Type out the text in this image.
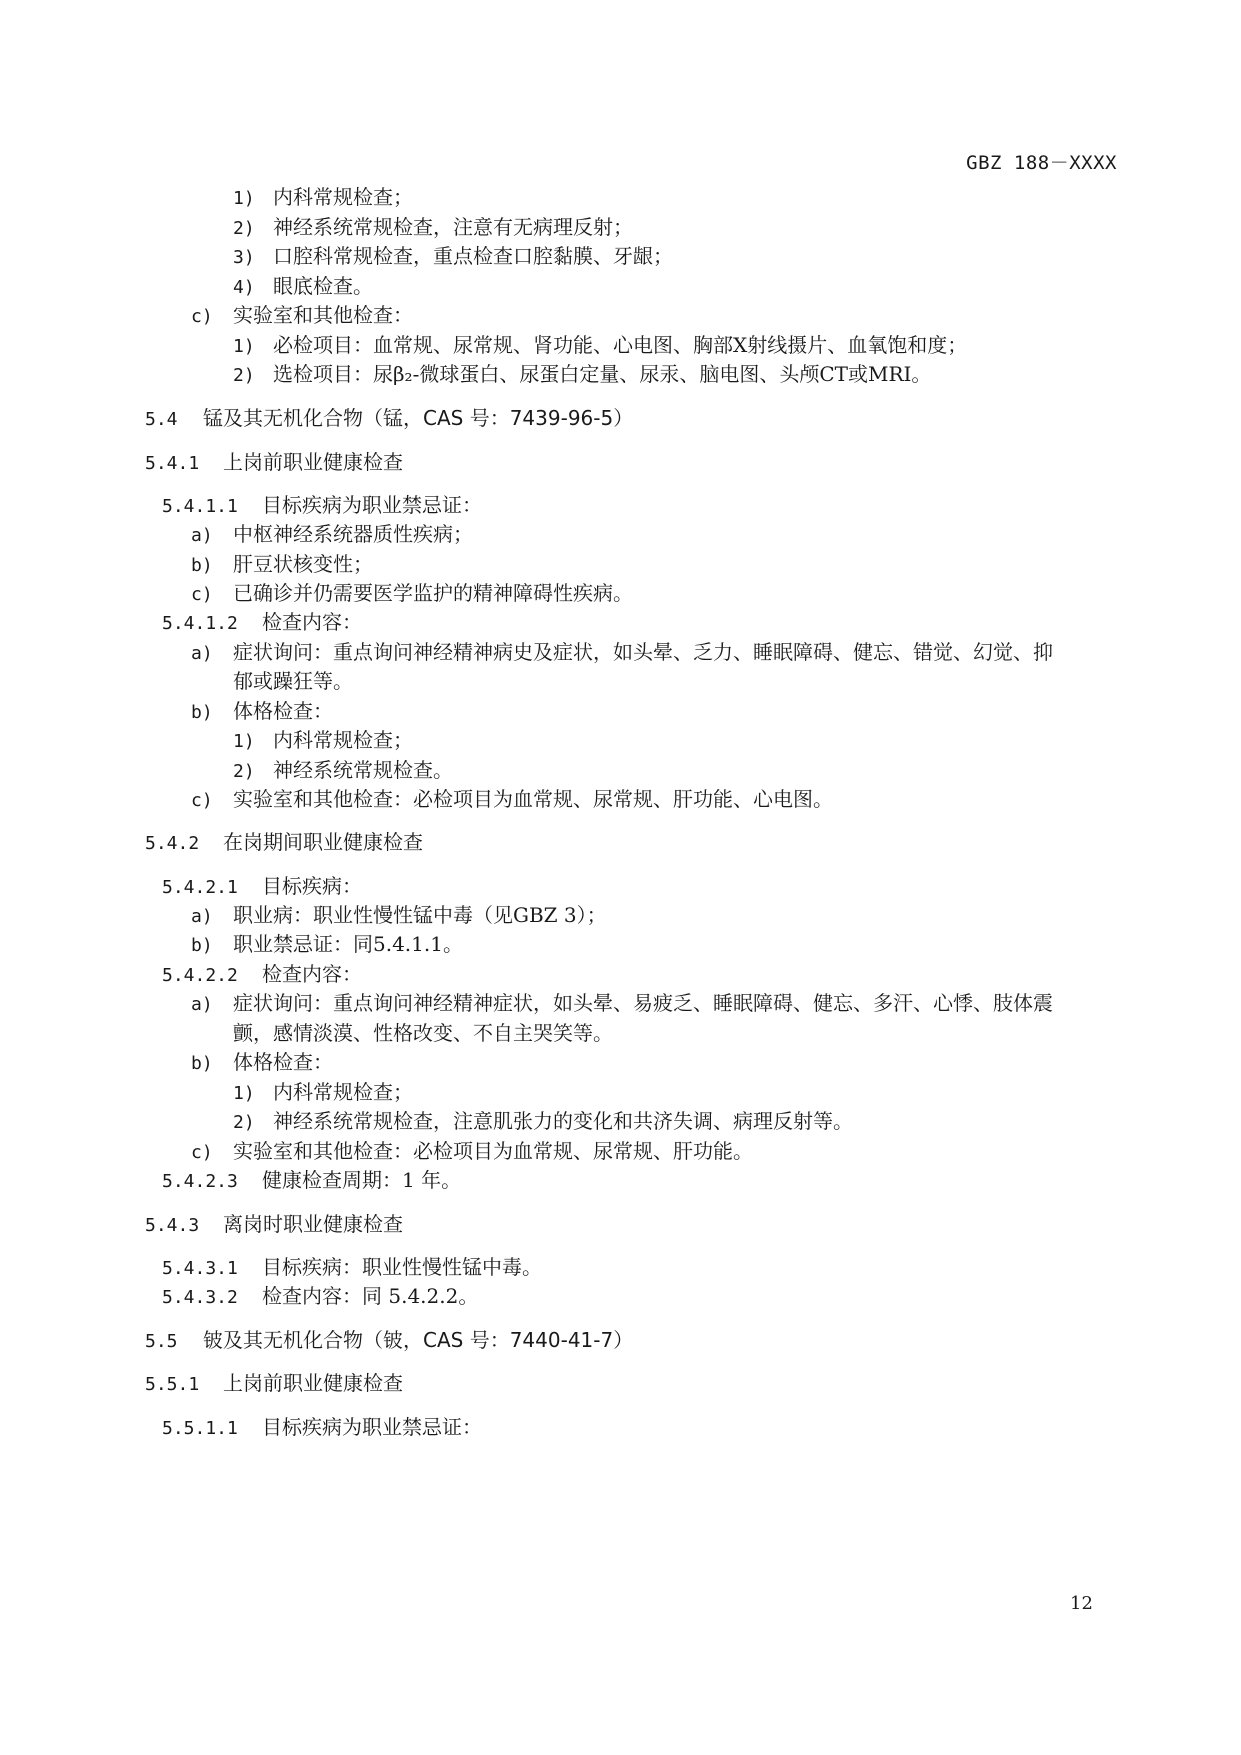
GBZ 188－XXXX
1) 内科常规检查；
2) 神经系统常规检查，注意有无病理反射；
3) 口腔科常规检查，重点检查口腔黏膜、牙龈；
4) 眼底检查。
c) 实验室和其他检查：
1) 必检项目：血常规、尿常规、肾功能、心电图、胸部X射线摄片、血氧饱和度；
2) 选检项目：尿β₂-微球蛋白、尿蛋白定量、尿汞、脑电图、头颅CT或MRI。
5.4 锰及其无机化合物（锰，CAS 号：7439-96-5）
5.4.1 上岗前职业健康检查
5.4.1.1 目标疾病为职业禁忌证：
a) 中枢神经系统器质性疾病；
b) 肝豆状核变性；
c) 已确诊并仍需要医学监护的精神障碍性疾病。
5.4.1.2 检查内容：
a) 症状询问：重点询问神经精神病史及症状，如头晕、乏力、睡眠障碍、健忘、错觉、幻觉、抑
郁或躁狂等。
b) 体格检查：
1) 内科常规检查；
2) 神经系统常规检查。
c) 实验室和其他检查：必检项目为血常规、尿常规、肝功能、心电图。
5.4.2 在岗期间职业健康检查
5.4.2.1 目标疾病：
a) 职业病：职业性慢性锰中毒（见GBZ 3）；
b) 职业禁忌证：同5.4.1.1。
5.4.2.2 检查内容：
a) 症状询问：重点询问神经精神症状，如头晕、易疲乏、睡眠障碍、健忘、多汗、心悸、肢体震
颤，感情淡漠、性格改变、不自主哭笑等。
b) 体格检查：
1) 内科常规检查；
2) 神经系统常规检查，注意肌张力的变化和共济失调、病理反射等。
c) 实验室和其他检查：必检项目为血常规、尿常规、肝功能。
5.4.2.3 健康检查周期：1 年。
5.4.3 离岗时职业健康检查
5.4.3.1 目标疾病：职业性慢性锰中毒。
5.4.3.2 检查内容：同 5.4.2.2。
5.5 铍及其无机化合物（铍，CAS 号：7440-41-7）
5.5.1 上岗前职业健康检查
5.5.1.1 目标疾病为职业禁忌证：
12
